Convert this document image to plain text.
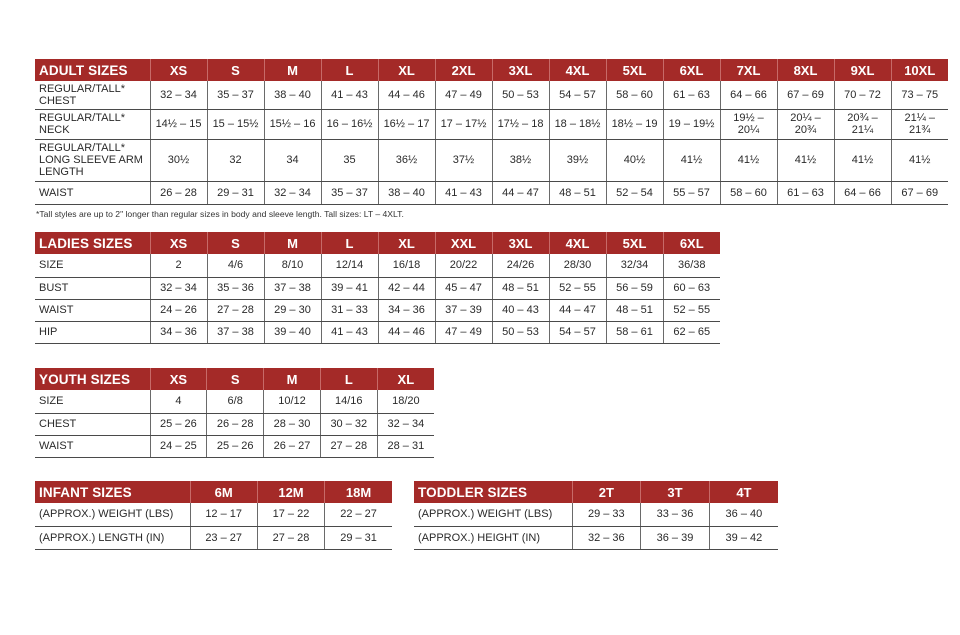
ADULT SIZES	XS	S	M	L	XL	2XL	3XL	4XL	5XL	6XL	7XL	8XL	9XL	10XL
REGULAR/TALL* CHEST	32 – 34	35 – 37	38 – 40	41 – 43	44 – 46	47 – 49	50 – 53	54 – 57	58 – 60	61 – 63	64 – 66	67 – 69	70 – 72	73 – 75
REGULAR/TALL* NECK	14½ – 15	15 – 15½	15½ – 16	16 – 16½	16½ – 17	17 – 17½	17½ – 18	18 – 18½	18½ – 19	19 – 19½	19½ – 20¼	20¼ – 20¾	20¾ – 21¼	21¼ – 21¾
REGULAR/TALL* LONG SLEEVE ARM LENGTH	30½	32	34	35	36½	37½	38½	39½	40½	41½	41½	41½	41½	41½
WAIST	26 – 28	29 – 31	32 – 34	35 – 37	38 – 40	41 – 43	44 – 47	48 – 51	52 – 54	55 – 57	58 – 60	61 – 63	64 – 66	67 – 69
*Tall styles are up to 2" longer than regular sizes in body and sleeve length. Tall sizes: LT – 4XLT.
LADIES SIZES	XS	S	M	L	XL	XXL	3XL	4XL	5XL	6XL
SIZE	2	4/6	8/10	12/14	16/18	20/22	24/26	28/30	32/34	36/38
BUST	32 – 34	35 – 36	37 – 38	39 – 41	42 – 44	45 – 47	48 – 51	52 – 55	56 – 59	60 – 63
WAIST	24 – 26	27 – 28	29 – 30	31 – 33	34 – 36	37 – 39	40 – 43	44 – 47	48 – 51	52 – 55
HIP	34 – 36	37 – 38	39 – 40	41 – 43	44 – 46	47 – 49	50 – 53	54 – 57	58 – 61	62 – 65
YOUTH SIZES	XS	S	M	L	XL
SIZE	4	6/8	10/12	14/16	18/20
CHEST	25 – 26	26 – 28	28 – 30	30 – 32	32 – 34
WAIST	24 – 25	25 – 26	26 – 27	27 – 28	28 – 31
INFANT SIZES	6M	12M	18M
(APPROX.) WEIGHT (LBS)	12 – 17	17 – 22	22 – 27
(APPROX.) LENGTH (IN)	23 – 27	27 – 28	29 – 31
TODDLER SIZES	2T	3T	4T
(APPROX.) WEIGHT (LBS)	29 – 33	33 – 36	36 – 40
(APPROX.) HEIGHT (IN)	32 – 36	36 – 39	39 – 42
